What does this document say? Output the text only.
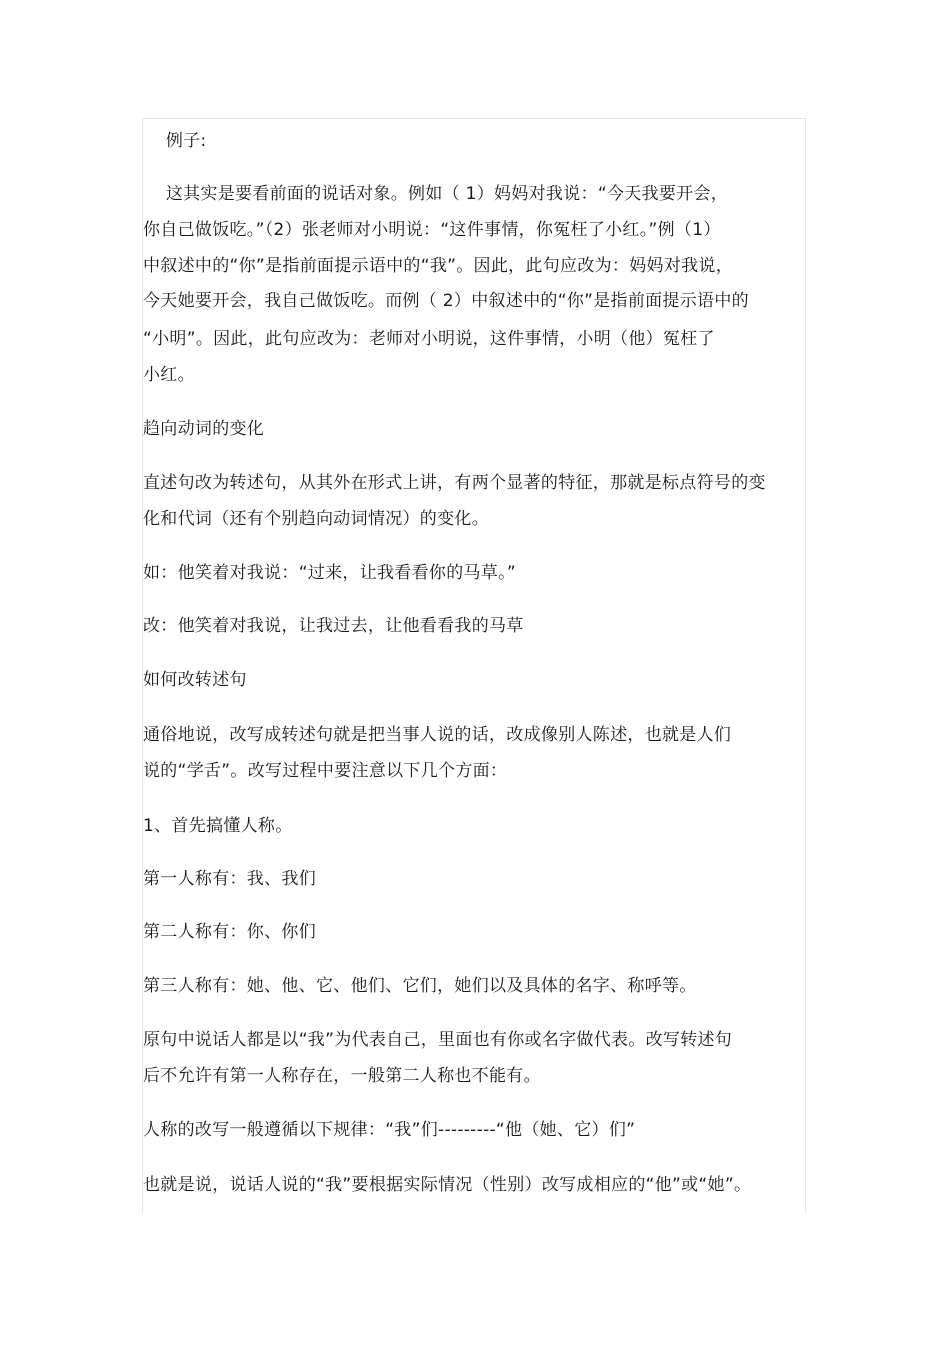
例子:
这其实是要看前面的说话对象。例如（ 1）妈妈对我说：“今天我要开会，
你自己做饭吃。”（2）张老师对小明说：“这件事情，你冤枉了小红。”例（1）
中叙述中的“你”是指前面提示语中的“我”。因此，此句应改为：妈妈对我说，
今天她要开会，我自己做饭吃。而例（ 2）中叙述中的“你”是指前面提示语中的
“小明”。因此，此句应改为：老师对小明说，这件事情，小明（他）冤枉了
小红。
趋向动词的变化
直述句改为转述句，从其外在形式上讲，有两个显著的特征，那就是标点符号的变
化和代词（还有个别趋向动词情况）的变化。
如：他笑着对我说：“过来，让我看看你的马草。”
改：他笑着对我说，让我过去，让他看看我的马草
如何改转述句
通俗地说，改写成转述句就是把当事人说的话，改成像别人陈述，也就是人们
说的“学舌”。改写过程中要注意以下几个方面：
1、首先搞懂人称。
第一人称有：我、我们
第二人称有：你、你们
第三人称有：她、他、它、他们、它们，她们以及具体的名字、称呼等。
原句中说话人都是以“我”为代表自己，里面也有你或名字做代表。改写转述句
后不允许有第一人称存在，一般第二人称也不能有。
人称的改写一般遵循以下规律：“我”们---------“他（她、它）们”
也就是说，说话人说的“我”要根据实际情况（性别）改写成相应的“他”或“她”。
